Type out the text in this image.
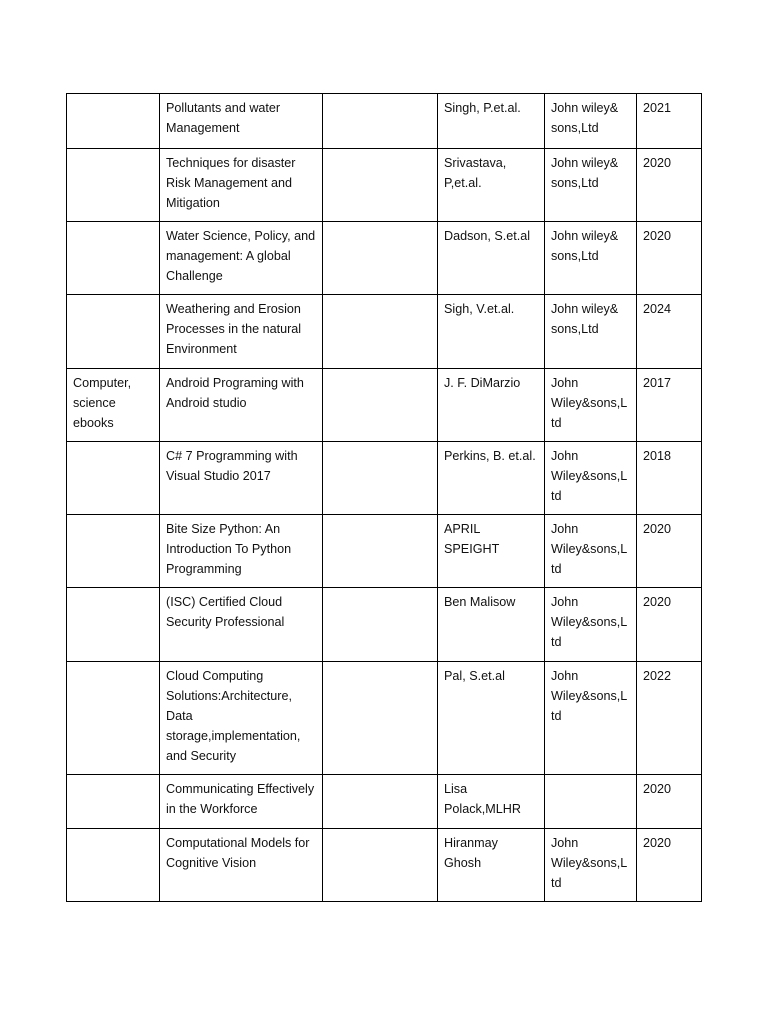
	Pollutants and water Management		Singh, P.et.al.	John wiley& sons,Ltd	2021
	Techniques for disaster Risk Management and Mitigation		Srivastava, P,et.al.	John wiley& sons,Ltd	2020
	Water Science, Policy, and management: A global Challenge		Dadson, S.et.al	John wiley& sons,Ltd	2020
	Weathering and Erosion Processes in the natural Environment		Sigh, V.et.al.	John wiley& sons,Ltd	2024
Computer, science ebooks	Android Programing with Android studio		J. F. DiMarzio	John Wiley&sons,Ltd	2017
	C# 7 Programming with Visual Studio 2017		Perkins, B. et.al.	John Wiley&sons,Ltd	2018
	Bite Size Python: An Introduction To Python Programming		APRIL SPEIGHT	John Wiley&sons,Ltd	2020
	(ISC) Certified Cloud Security Professional		Ben Malisow	John Wiley&sons,Ltd	2020
	Cloud Computing Solutions:Architecture, Data storage,implementation, and Security		Pal, S.et.al	John Wiley&sons,Ltd	2022
	Communicating Effectively in the Workforce		Lisa Polack,MLHR		2020
	Computational Models for Cognitive Vision		Hiranmay Ghosh	John Wiley&sons,Ltd	2020
